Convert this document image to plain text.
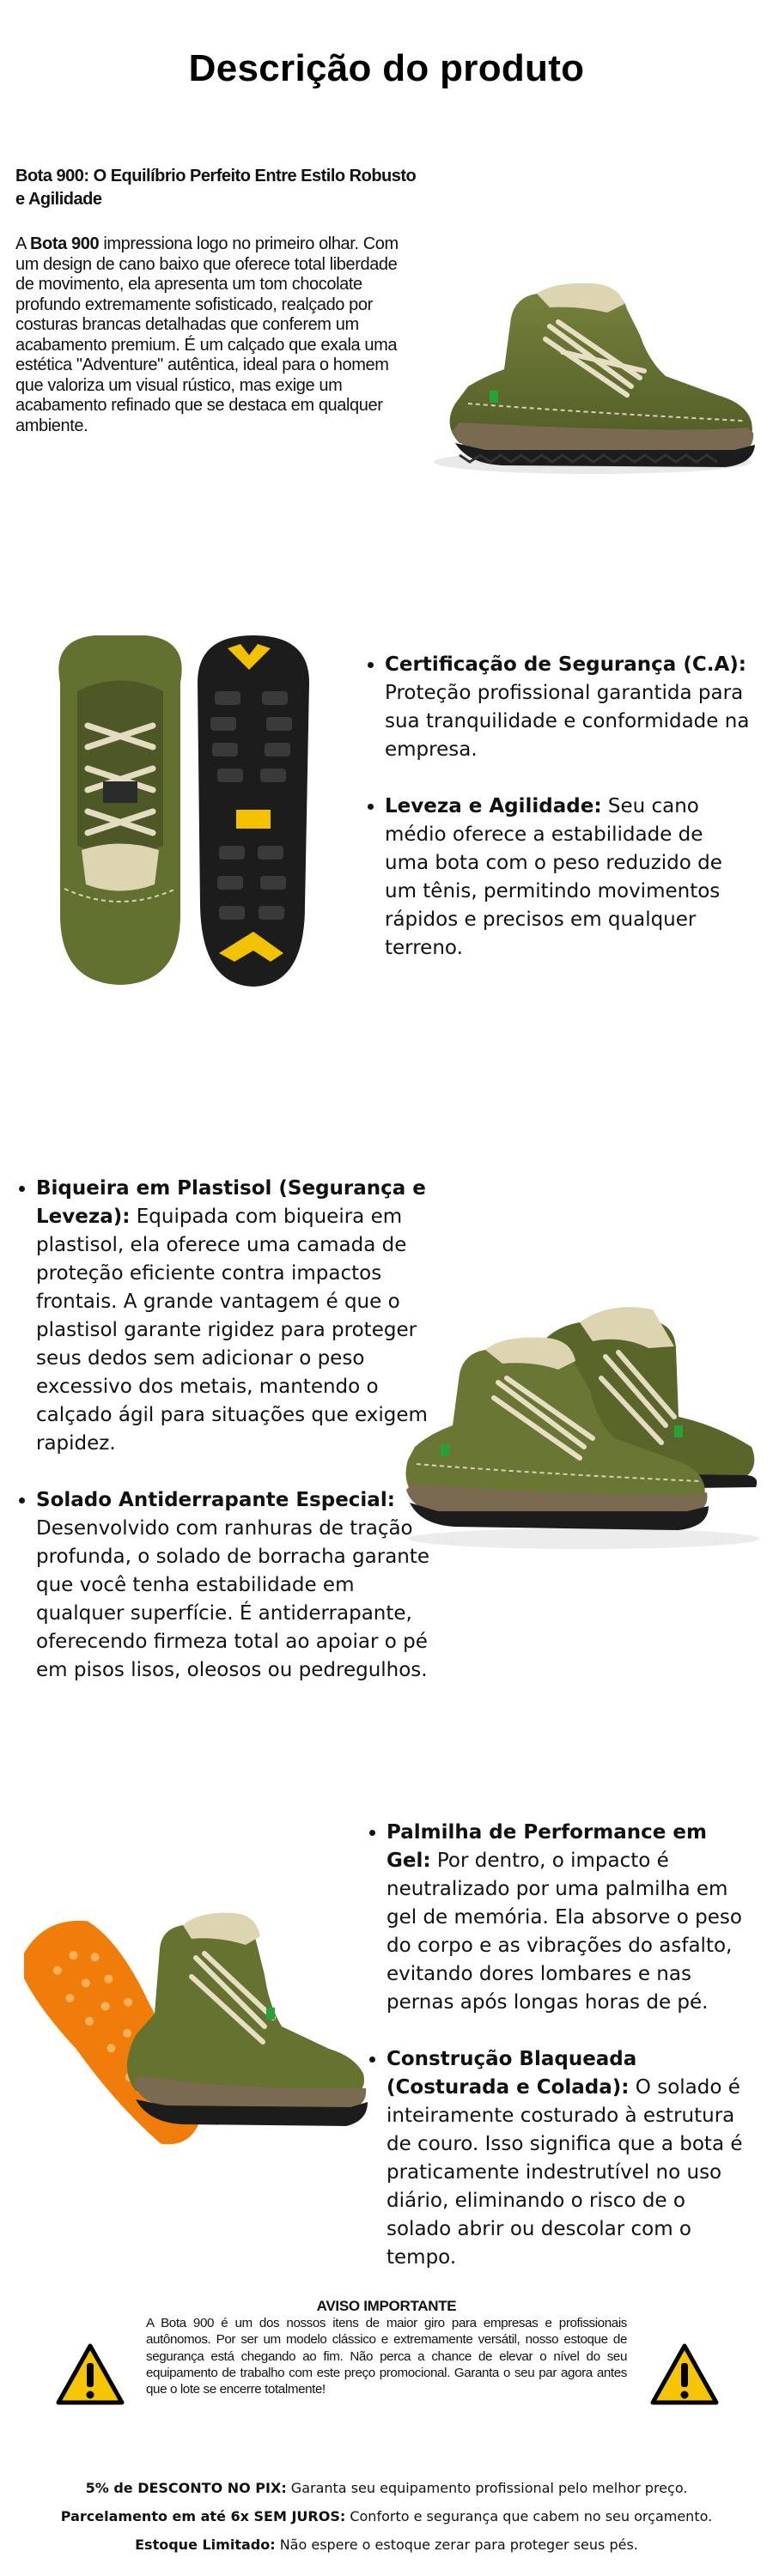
Descrição do produto
Bota 900: O Equilíbrio Perfeito Entre Estilo Robusto e Agilidade
A Bota 900 impressiona logo no primeiro olhar. Com um design de cano baixo que oferece total liberdade de movimento, ela apresenta um tom chocolate profundo extremamente sofisticado, realçado por costuras brancas detalhadas que conferem um acabamento premium. É um calçado que exala uma estética "Adventure" autêntica, ideal para o homem que valoriza um visual rústico, mas exige um acabamento refinado que se destaca em qualquer ambiente.
• Certificação de Segurança (C.A): Proteção profissional garantida para sua tranquilidade e conformidade na empresa.
• Leveza e Agilidade: Seu cano médio oferece a estabilidade de uma bota com o peso reduzido de um tênis, permitindo movimentos rápidos e precisos em qualquer terreno.
• Biqueira em Plastisol (Segurança e Leveza): Equipada com biqueira em plastisol, ela oferece uma camada de proteção eficiente contra impactos frontais. A grande vantagem é que o plastisol garante rigidez para proteger seus dedos sem adicionar o peso excessivo dos metais, mantendo o calçado ágil para situações que exigem rapidez.
• Solado Antiderrapante Especial: Desenvolvido com ranhuras de tração profunda, o solado de borracha garante que você tenha estabilidade em qualquer superfície. É antiderrapante, oferecendo firmeza total ao apoiar o pé em pisos lisos, oleosos ou pedregulhos.
• Palmilha de Performance em Gel: Por dentro, o impacto é neutralizado por uma palmilha em gel de memória. Ela absorve o peso do corpo e as vibrações do asfalto, evitando dores lombares e nas pernas após longas horas de pé.
• Construção Blaqueada (Costurada e Colada): O solado é inteiramente costurado à estrutura de couro. Isso significa que a bota é praticamente indestrutível no uso diário, eliminando o risco de o solado abrir ou descolar com o tempo.
AVISO IMPORTANTE
A Bota 900 é um dos nossos itens de maior giro para empresas e profissionais autônomos. Por ser um modelo clássico e extremamente versátil, nosso estoque de segurança está chegando ao fim. Não perca a chance de elevar o nível do seu equipamento de trabalho com este preço promocional. Garanta o seu par agora antes que o lote se encerre totalmente!
5% de DESCONTO NO PIX: Garanta seu equipamento profissional pelo melhor preço.
Parcelamento em até 6x SEM JUROS: Conforto e segurança que cabem no seu orçamento.
Estoque Limitado: Não espere o estoque zerar para proteger seus pés.
